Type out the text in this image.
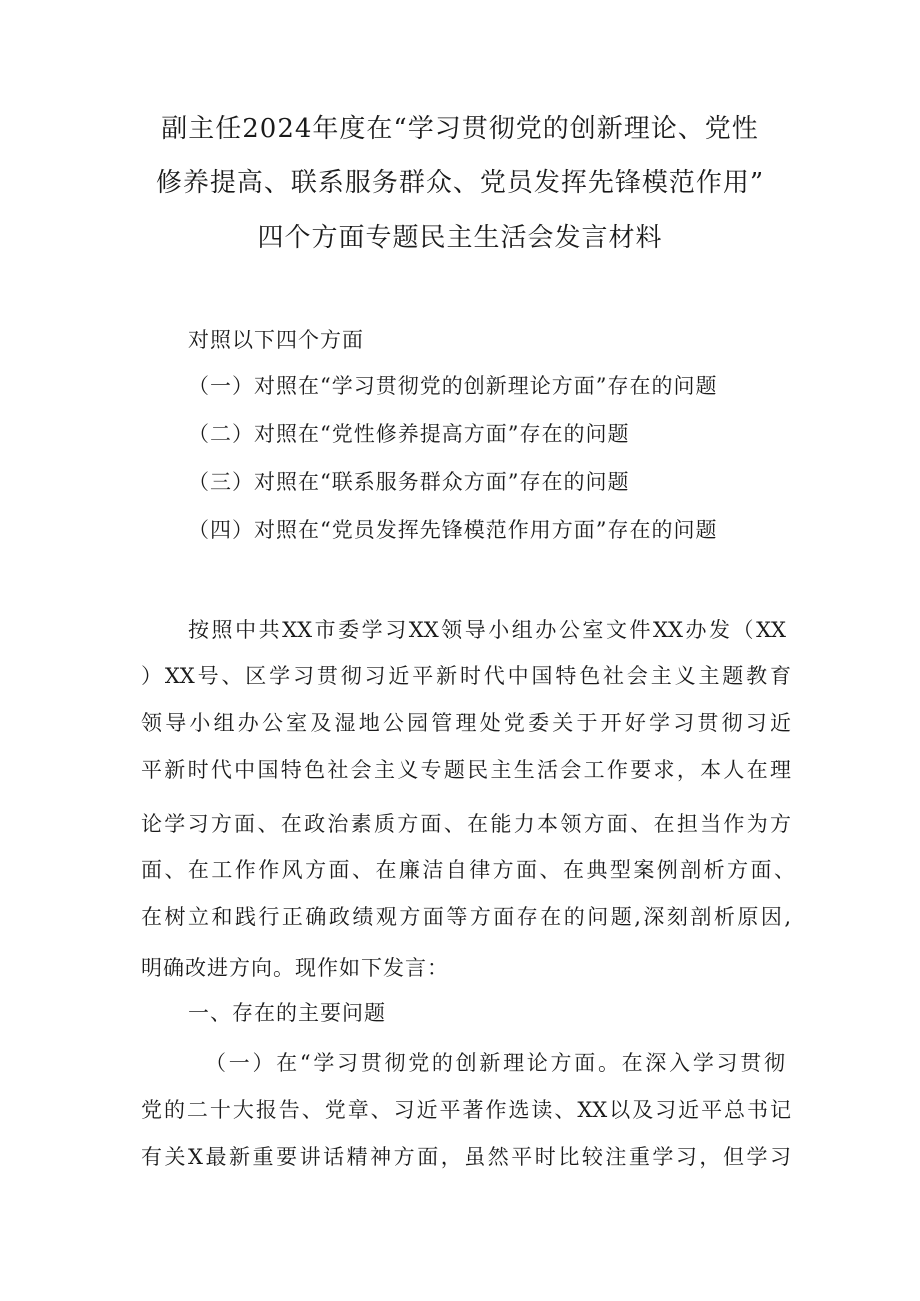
副主任2024年度在“学习贯彻党的创新理论、党性
修养提高、联系服务群众、党员发挥先锋模范作用”
四个方面专题民主生活会发言材料
对照以下四个方面
（一）对照在“学习贯彻党的创新理论方面”存在的问题
（二）对照在“党性修养提高方面”存在的问题
（三）对照在“联系服务群众方面”存在的问题
（四）对照在“党员发挥先锋模范作用方面”存在的问题
按照中共XX市委学习XX领导小组办公室文件XX办发（XX
）XX号、区学习贯彻习近平新时代中国特色社会主义主题教育
领导小组办公室及湿地公园管理处党委关于开好学习贯彻习近
平新时代中国特色社会主义专题民主生活会工作要求，本人在理
论学习方面、在政治素质方面、在能力本领方面、在担当作为方
面、在工作作风方面、在廉洁自律方面、在典型案例剖析方面、
在树立和践行正确政绩观方面等方面存在的问题,深刻剖析原因,
明确改进方向。现作如下发言：
一、存在的主要问题
（一）在“学习贯彻党的创新理论方面。在深入学习贯彻
党的二十大报告、党章、习近平著作选读、XX以及习近平总书记
有关X最新重要讲话精神方面，虽然平时比较注重学习，但学习
